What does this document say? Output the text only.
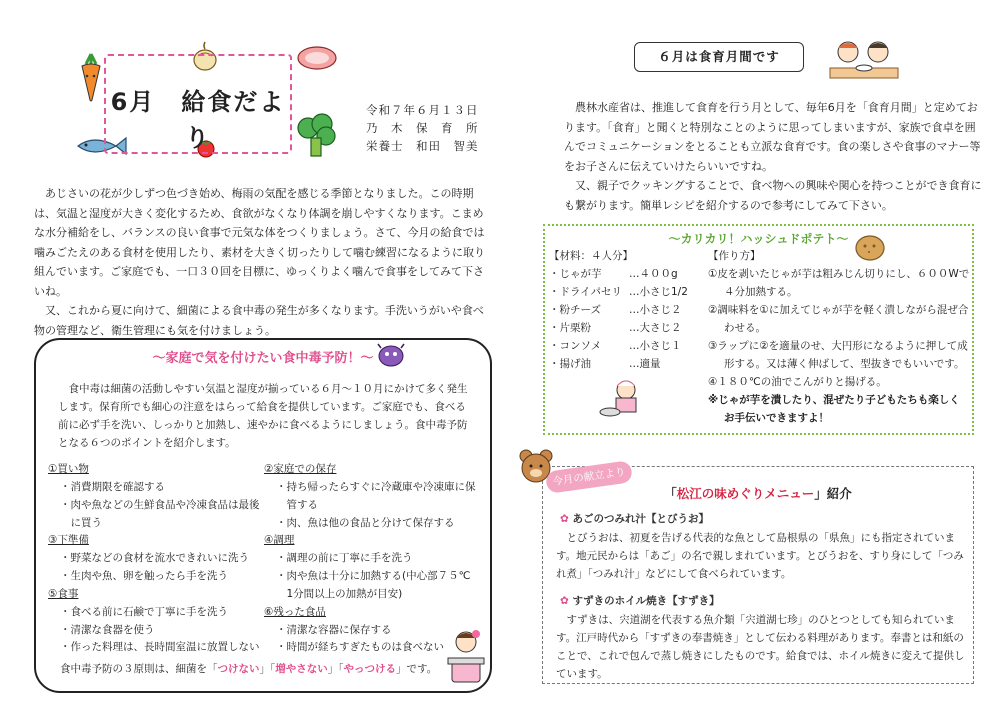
6月　給食だより
令和７年６月１３日
乃　木　保　育　所
栄養士　和田　智美

あじさいの花が少しずつ色づき始め、梅雨の気配を感じる季節となりました。この時期は、気温と湿度が大きく変化するため、食欲がなくなり体調を崩しやすくなります。こまめな水分補給をし、バランスの良い食事で元気な体をつくりましょう。さて、今月の給食では噛みごたえのある食材を使用したり、素材を大きく切ったりして噛む練習になるように取り組んでいます。ご家庭でも、一口３０回を目標に、ゆっくりよく噛んで食事をしてみて下さいね。

又、これから夏に向けて、細菌による食中毒の発生が多くなります。手洗いうがいや食べ物の管理など、衛生管理にも気を付けましょう。

～家庭で気を付けたい食中毒予防！～
食中毒は細菌の活動しやすい気温と湿度が揃っている６月～１０月にかけて多く発生します。保育所でも細心の注意をはらって給食を提供しています。ご家庭でも、食べる前に必ず手を洗い、しっかりと加熱し、速やかに食べるようにしましょう。食中毒予防となる６つのポイントを紹介します。
①買い物
・消費期限を確認する
・肉や魚などの生鮮食品や冷凍食品は最後
　に買う
③下準備
・野菜などの食材を流水できれいに洗う
・生肉や魚、卵を触ったら手を洗う
⑤食事
・食べる前に石鹸で丁寧に手を洗う
・清潔な食器を使う
・作った料理は、長時間室温に放置しない
②家庭での保存
・持ち帰ったらすぐに冷蔵庫や冷凍庫に保
　管する
・肉、魚は他の食品と分けて保存する
④調理
・調理の前に丁寧に手を洗う
・肉や魚は十分に加熱する(中心部７５℃
　1分間以上の加熱が目安)
⑥残った食品
・清潔な容器に保存する
・時間が経ちすぎたものは食べない
食中毒予防の３原則は、細菌を「つけない」「増やさない」「やっつける」です。
６月は食育月間です

農林水産省は、推進して食育を行う月として、毎年6月を「食育月間」と定めております。「食育」と聞くと特別なことのように思ってしまいますが、家族で食卓を囲んでコミュニケーションをとることも立派な食育です。食の楽しさや食事のマナー等をお子さんに伝えていけたらいいですね。

又、親子でクッキングすることで、食べ物への興味や関心を持つことができ食育にも繋がります。簡単レシピを紹介するので参考にしてみて下さい。

～カリカリ！ハッシュドポテト～
【材料：４人分】
・じゃが芋	…４００g
・ドライパセリ …小さじ1/2
・粉チーズ	…小さじ２
・片栗粉	…大さじ２
・コンソメ	…小さじ１
・揚げ油	…適量
【作り方】
①皮を剥いたじゃが芋は粗みじん切りにし、６００Wで
４分加熱する。
②調味料を①に加えてじゃが芋を軽く潰しながら混ぜ合
わせる。
③ラップに②を適量のせ、大円形になるように押して成
形する。又は薄く伸ばして、型抜きでもいいです。
④１８０℃の油でこんがりと揚げる。
※じゃが芋を潰したり、混ぜたり子どもたちも楽しく
お手伝いできますよ！
今月の献立より
「松江の味めぐりメニュー」紹介
✿ あごのつみれ汁【とびうお】
とびうおは、初夏を告げる代表的な魚として島根県の「県魚」にも指定されています。地元民からは「あご」の名で親しまれています。とびうおを、すり身にして「つみれ煮」「つみれ汁」などにして食べられています。
✿ すずきのホイル焼き【すずき】
すずきは、宍道湖を代表する魚介類「宍道湖七珍」のひとつとしても知られています。江戸時代から「すずきの奉書焼き」として伝わる料理があります。奉書とは和紙のことで、これで包んで蒸し焼きにしたものです。給食では、ホイル焼きに変えて提供しています。
